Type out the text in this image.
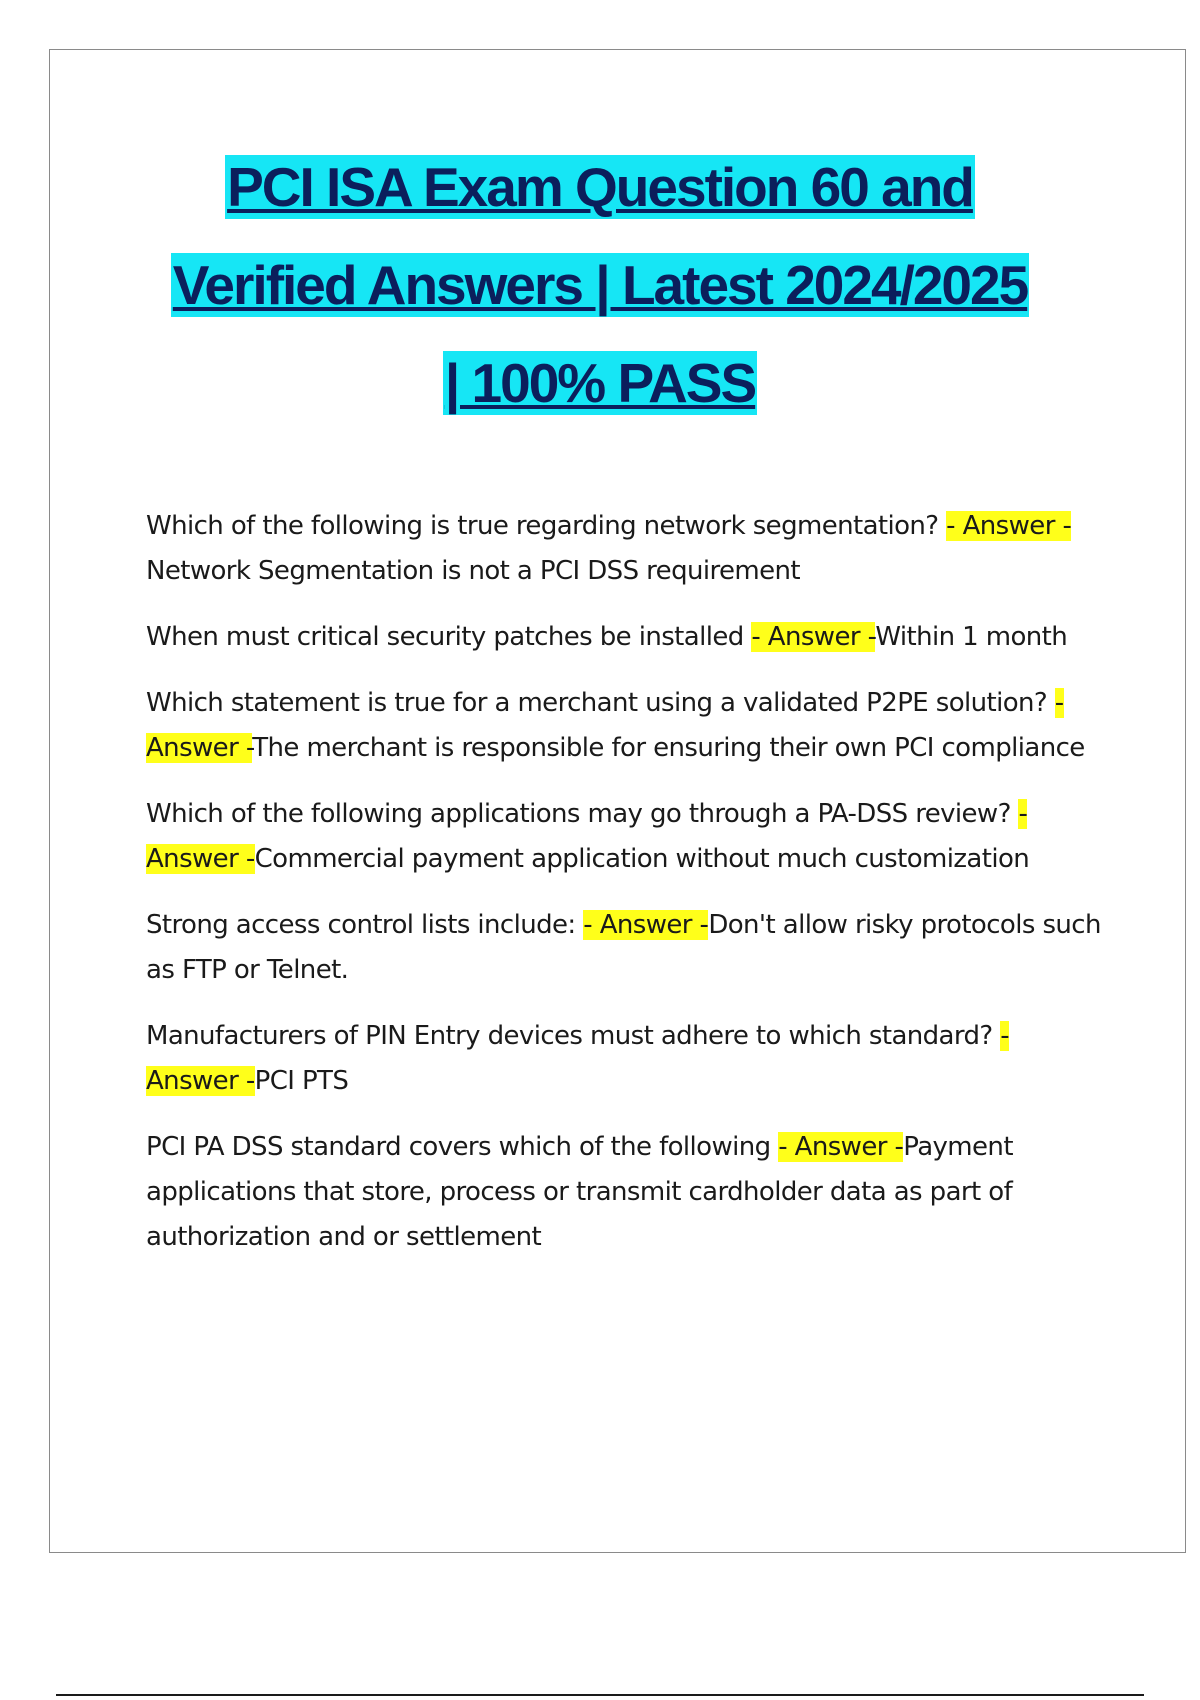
PCI ISA Exam Question 60 and
Verified Answers | Latest 2024/2025
| 100% PASS

Which of the following is true regarding network segmentation? - Answer -Network Segmentation is not a PCI DSS requirement

When must critical security patches be installed - Answer -Within 1 month

Which statement is true for a merchant using a validated P2PE solution? - Answer -The merchant is responsible for ensuring their own PCI compliance

Which of the following applications may go through a PA-DSS review? - Answer -Commercial payment application without much customization

Strong access control lists include: - Answer -Don't allow risky protocols such as FTP or Telnet.

Manufacturers of PIN Entry devices must adhere to which standard? - Answer -PCI PTS

PCI PA DSS standard covers which of the following - Answer -Payment applications that store, process or transmit cardholder data as part of authorization and or settlement
